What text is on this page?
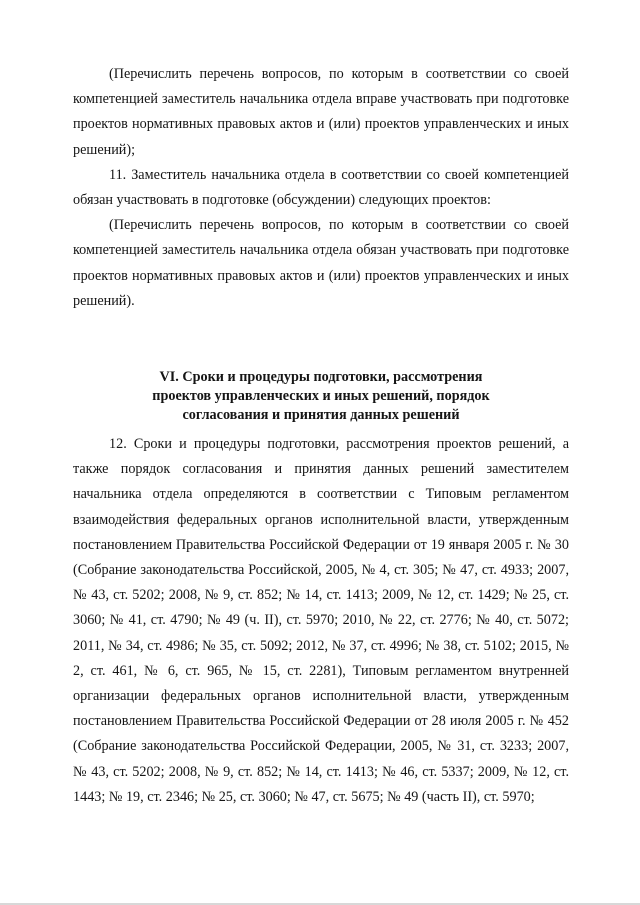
(Перечислить перечень вопросов, по которым в соответствии со своей компетенцией заместитель начальника отдела вправе участвовать при подготовке проектов нормативных правовых актов и (или) проектов управленческих и иных решений);

11. Заместитель начальника отдела в соответствии со своей компетенцией обязан участвовать в подготовке (обсуждении) следующих проектов:

(Перечислить перечень вопросов, по которым в соответствии со своей компетенцией заместитель начальника отдела обязан участвовать при подготовке проектов нормативных правовых актов и (или) проектов управленческих и иных решений).

VI. Сроки и процедуры подготовки, рассмотрения
проектов управленческих и иных решений, порядок
согласования и принятия данных решений

12. Сроки и процедуры подготовки, рассмотрения проектов решений, а также порядок согласования и принятия данных решений заместителем начальника отдела определяются в соответствии с Типовым регламентом взаимодействия федеральных органов исполнительной власти, утвержденным постановлением Правительства Российской Федерации от 19 января 2005 г. № 30 (Собрание законодательства Российской, 2005, № 4, ст. 305; № 47, ст. 4933; 2007, № 43, ст. 5202; 2008, № 9, ст. 852; № 14, ст. 1413; 2009, № 12, ст. 1429; № 25, ст. 3060; № 41, ст. 4790; № 49 (ч. II), ст. 5970; 2010, № 22, ст. 2776; № 40, ст. 5072; 2011, № 34, ст. 4986; № 35, ст. 5092; 2012, № 37, ст. 4996; № 38, ст. 5102; 2015, № 2, ст. 461, № 6, ст. 965, № 15, ст. 2281), Типовым регламентом внутренней организации федеральных органов исполнительной власти, утвержденным постановлением Правительства Российской Федерации от 28 июля 2005 г. № 452 (Собрание законодательства Российской Федерации, 2005, № 31, ст. 3233; 2007, № 43, ст. 5202; 2008, № 9, ст. 852; № 14, ст. 1413; № 46, ст. 5337; 2009, № 12, ст. 1443; № 19, ст. 2346; № 25, ст. 3060; № 47, ст. 5675; № 49 (часть II), ст. 5970;
